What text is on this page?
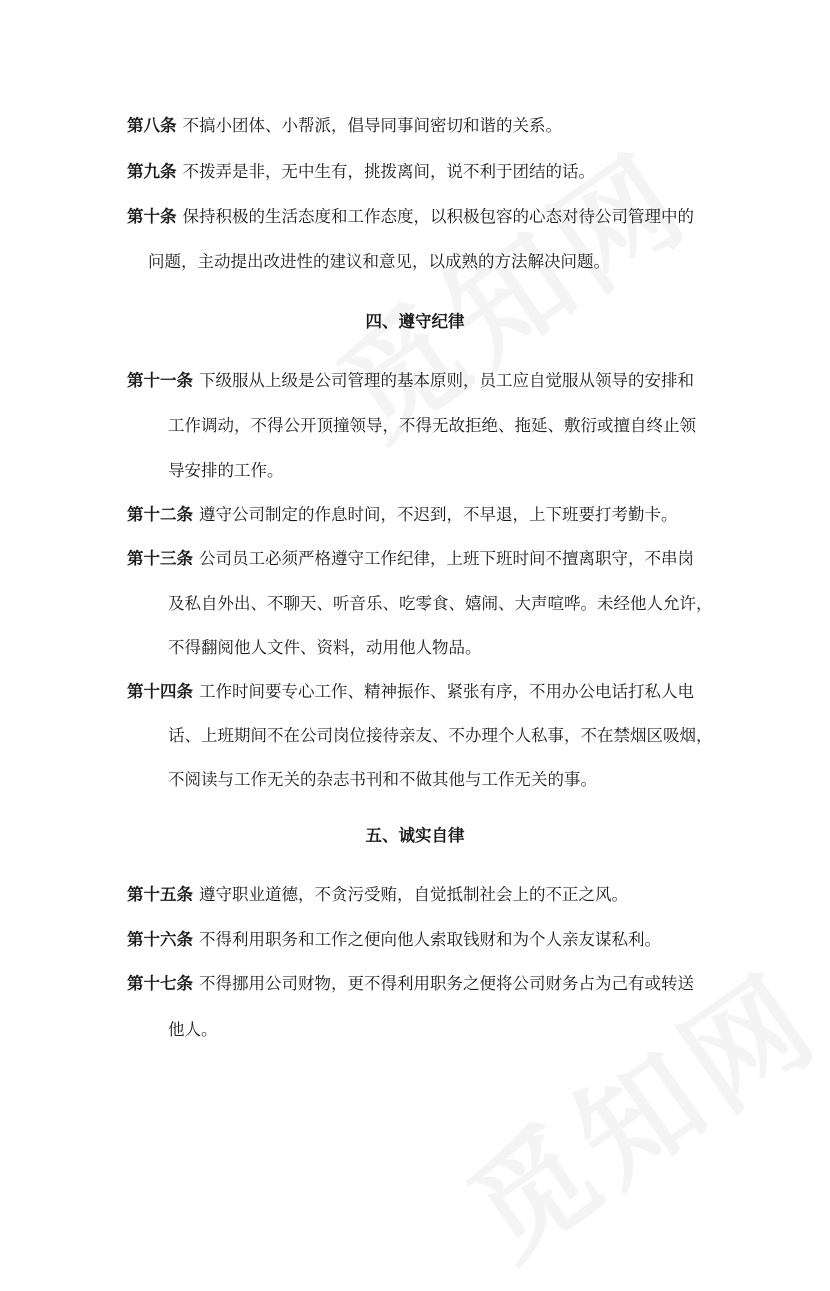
第八条 不搞小团体、小帮派，倡导同事间密切和谐的关系。

第九条 不拨弄是非，无中生有，挑拨离间，说不利于团结的话。

第十条 保持积极的生活态度和工作态度，以积极包容的心态对待公司管理中的

问题，主动提出改进性的建议和意见，以成熟的方法解决问题。

四、遵守纪律

第十一条 下级服从上级是公司管理的基本原则，员工应自觉服从领导的安排和

工作调动，不得公开顶撞领导，不得无故拒绝、拖延、敷衍或擅自终止领

导安排的工作。

第十二条 遵守公司制定的作息时间，不迟到，不早退，上下班要打考勤卡。

第十三条 公司员工必须严格遵守工作纪律，上班下班时间不擅离职守，不串岗

及私自外出、不聊天、听音乐、吃零食、嬉闹、大声喧哗。未经他人允许，

不得翻阅他人文件、资料，动用他人物品。

第十四条 工作时间要专心工作、精神振作、紧张有序，不用办公电话打私人电

话、上班期间不在公司岗位接待亲友、不办理个人私事，不在禁烟区吸烟，

不阅读与工作无关的杂志书刊和不做其他与工作无关的事。

五、诚实自律

第十五条 遵守职业道德，不贪污受贿，自觉抵制社会上的不正之风。

第十六条 不得利用职务和工作之便向他人索取钱财和为个人亲友谋私利。

第十七条 不得挪用公司财物，更不得利用职务之便将公司财务占为己有或转送

他人。
